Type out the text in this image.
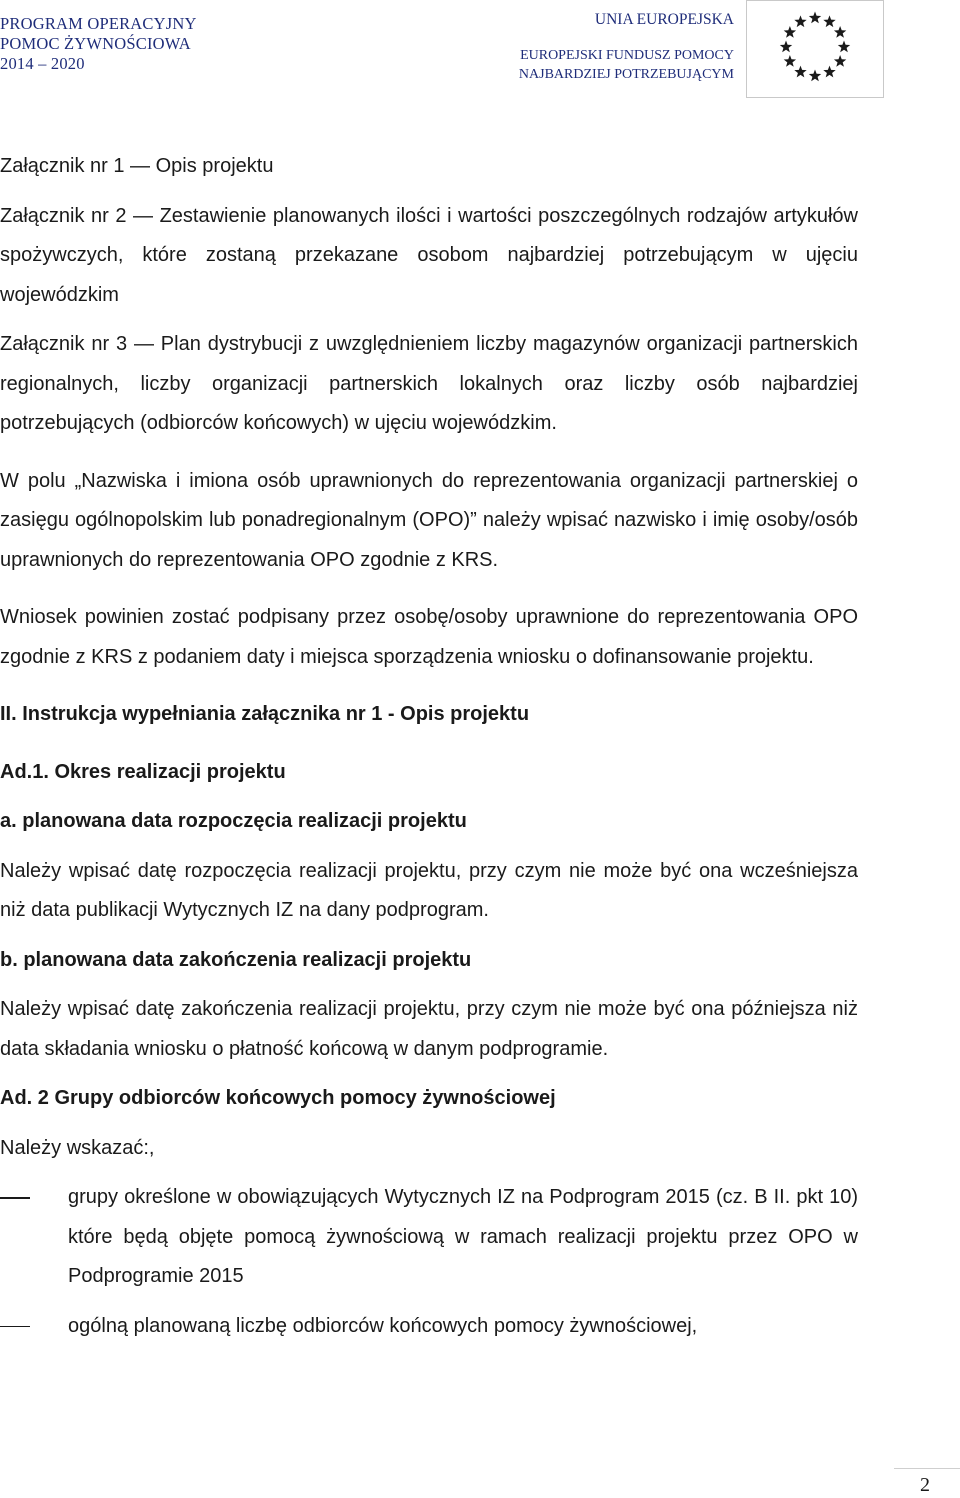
PROGRAM OPERACYJNY
POMOC ŻYWNOŚCIOWA
2014 – 2020
UNIA EUROPEJSKA
EUROPEJSKI FUNDUSZ POMOCY
NAJBARDZIEJ POTRZEBUJĄCYM

Załącznik nr 1 ― Opis projektu

Załącznik nr 2 ― Zestawienie planowanych ilości i wartości poszczególnych rodzajów artykułów spożywczych, które zostaną przekazane osobom najbardziej potrzebującym w ujęciu wojewódzkim

Załącznik nr 3 ― Plan dystrybucji z uwzględnieniem liczby magazynów organizacji partnerskich regionalnych, liczby organizacji partnerskich lokalnych oraz liczby osób najbardziej potrzebujących (odbiorców końcowych) w ujęciu wojewódzkim.

W polu „Nazwiska i imiona osób uprawnionych do reprezentowania organizacji partnerskiej o zasięgu ogólnopolskim lub ponadregionalnym (OPO)” należy wpisać nazwisko i imię osoby/osób uprawnionych do reprezentowania OPO zgodnie z KRS.

Wniosek powinien zostać podpisany przez osobę/osoby uprawnione do reprezentowania OPO zgodnie z KRS z podaniem daty i miejsca sporządzenia wniosku o dofinansowanie projektu.

II. Instrukcja wypełniania załącznika nr 1 - Opis projektu

Ad.1. Okres realizacji projektu

a. planowana data rozpoczęcia realizacji projektu

Należy wpisać datę rozpoczęcia realizacji projektu, przy czym nie może być ona wcześniejsza niż data publikacji Wytycznych IZ na dany podprogram.

b. planowana data zakończenia realizacji projektu

Należy wpisać datę zakończenia realizacji projektu, przy czym nie może być ona późniejsza niż data składania wniosku o płatność końcową w danym podprogramie.

Ad. 2 Grupy odbiorców końcowych pomocy żywnościowej

Należy wskazać:,

grupy określone w obowiązujących Wytycznych IZ na Podprogram 2015 (cz. B II. pkt 10) które będą objęte pomocą żywnościową w ramach realizacji projektu przez OPO w Podprogramie 2015
ogólną planowaną liczbę odbiorców końcowych pomocy żywnościowej,
2
